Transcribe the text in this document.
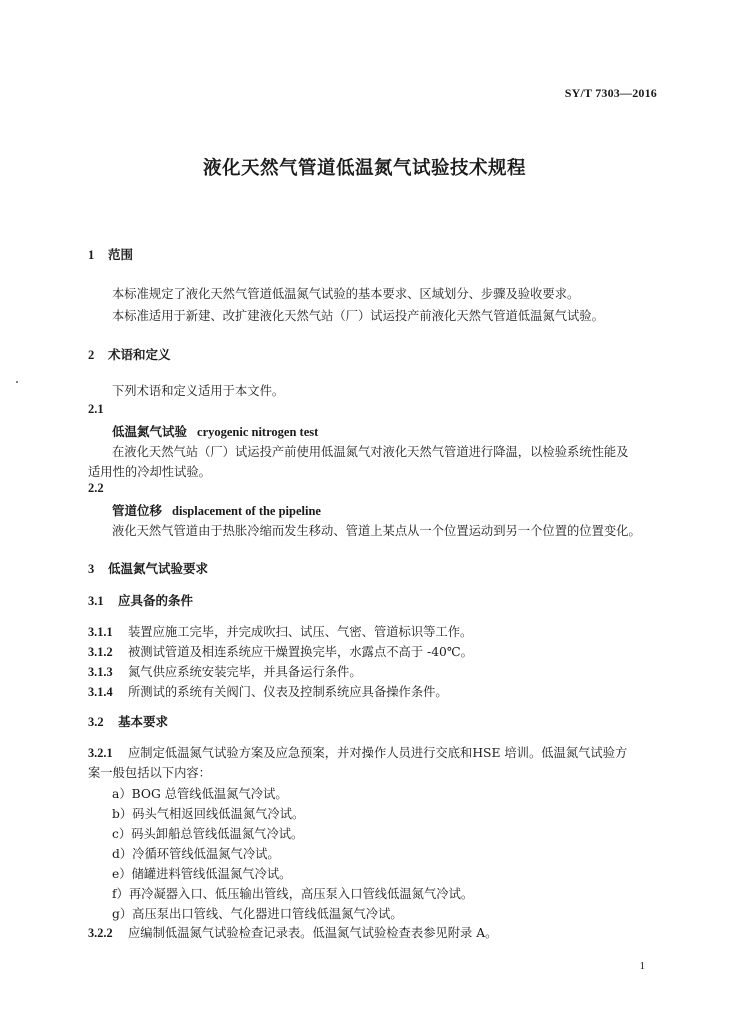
SY/T 7303—2016
液化天然气管道低温氮气试验技术规程
1 范围
本标准规定了液化天然气管道低温氮气试验的基本要求、区域划分、步骤及验收要求。
本标准适用于新建、改扩建液化天然气站（厂）试运投产前液化天然气管道低温氮气试验。
2 术语和定义
下列术语和定义适用于本文件。
2.1
低温氮气试验 cryogenic nitrogen test
在液化天然气站（厂）试运投产前使用低温氮气对液化天然气管道进行降温，以检验系统性能及
适用性的冷却性试验。
2.2
管道位移 displacement of the pipeline
液化天然气管道由于热胀冷缩而发生移动、管道上某点从一个位置运动到另一个位置的位置变化。
3 低温氮气试验要求
3.1 应具备的条件
3.1.1 装置应施工完毕，并完成吹扫、试压、气密、管道标识等工作。
3.1.2 被测试管道及相连系统应干燥置换完毕，水露点不高于 -40℃。
3.1.3 氮气供应系统安装完毕，并具备运行条件。
3.1.4 所测试的系统有关阀门、仪表及控制系统应具备操作条件。
3.2 基本要求
3.2.1 应制定低温氮气试验方案及应急预案，并对操作人员进行交底和HSE 培训。低温氮气试验方
案一般包括以下内容：
a）BOG 总管线低温氮气冷试。
b）码头气相返回线低温氮气冷试。
c）码头卸船总管线低温氮气冷试。
d）冷循环管线低温氮气冷试。
e）储罐进料管线低温氮气冷试。
f）再冷凝器入口、低压输出管线，高压泵入口管线低温氮气冷试。
g）高压泵出口管线、气化器进口管线低温氮气冷试。
3.2.2 应编制低温氮气试验检查记录表。低温氮气试验检查表参见附录 A。
1
